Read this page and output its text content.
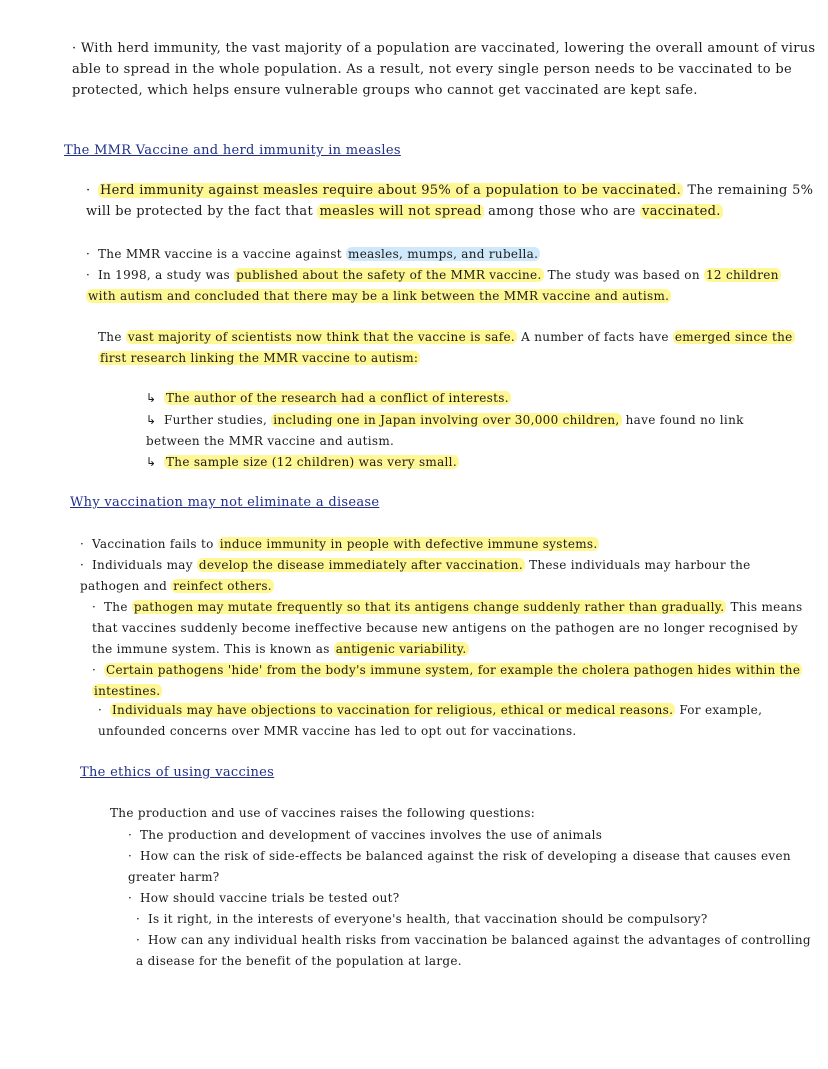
· With herd immunity, the vast majority of a population are vaccinated, lowering the overall amount of virus able to spread in the whole population. As a result, not every single person needs to be vaccinated to be protected, which helps ensure vulnerable groups who cannot get vaccinated are kept safe.
The MMR Vaccine and herd immunity in measles
· Herd immunity against measles require about 95% of a population to be vaccinated. The remaining 5% will be protected by the fact that measles will not spread among those who are vaccinated.
· The MMR vaccine is a vaccine against measles, mumps, and rubella.
· In 1998, a study was published about the safety of the MMR vaccine. The study was based on 12 children with autism and concluded that there may be a link between the MMR vaccine and autism.
The vast majority of scientists now think that the vaccine is safe. A number of facts have emerged since the first research linking the MMR vaccine to autism:
↳ The author of the research had a conflict of interests.
↳ Further studies, including one in Japan involving over 30,000 children, have found no link between the MMR vaccine and autism.
↳ The sample size (12 children) was very small.
Why vaccination may not eliminate a disease
· Vaccination fails to induce immunity in people with defective immune systems.
· Individuals may develop the disease immediately after vaccination. These individuals may harbour the pathogen and reinfect others.
· The pathogen may mutate frequently so that its antigens change suddenly rather than gradually. This means that vaccines suddenly become ineffective because new antigens on the pathogen are no longer recognised by the immune system. This is known as antigenic variability.
· Certain pathogens 'hide' from the body's immune system, for example the cholera pathogen hides within the intestines.
· Individuals may have objections to vaccination for religious, ethical or medical reasons. For example, unfounded concerns over MMR vaccine has led to opt out for vaccinations.
The ethics of using vaccines
The production and use of vaccines raises the following questions:
· The production and development of vaccines involves the use of animals
· How can the risk of side-effects be balanced against the risk of developing a disease that causes even greater harm?
· How should vaccine trials be tested out?
· Is it right, in the interests of everyone's health, that vaccination should be compulsory?
· How can any individual health risks from vaccination be balanced against the advantages of controlling a disease for the benefit of the population at large.
